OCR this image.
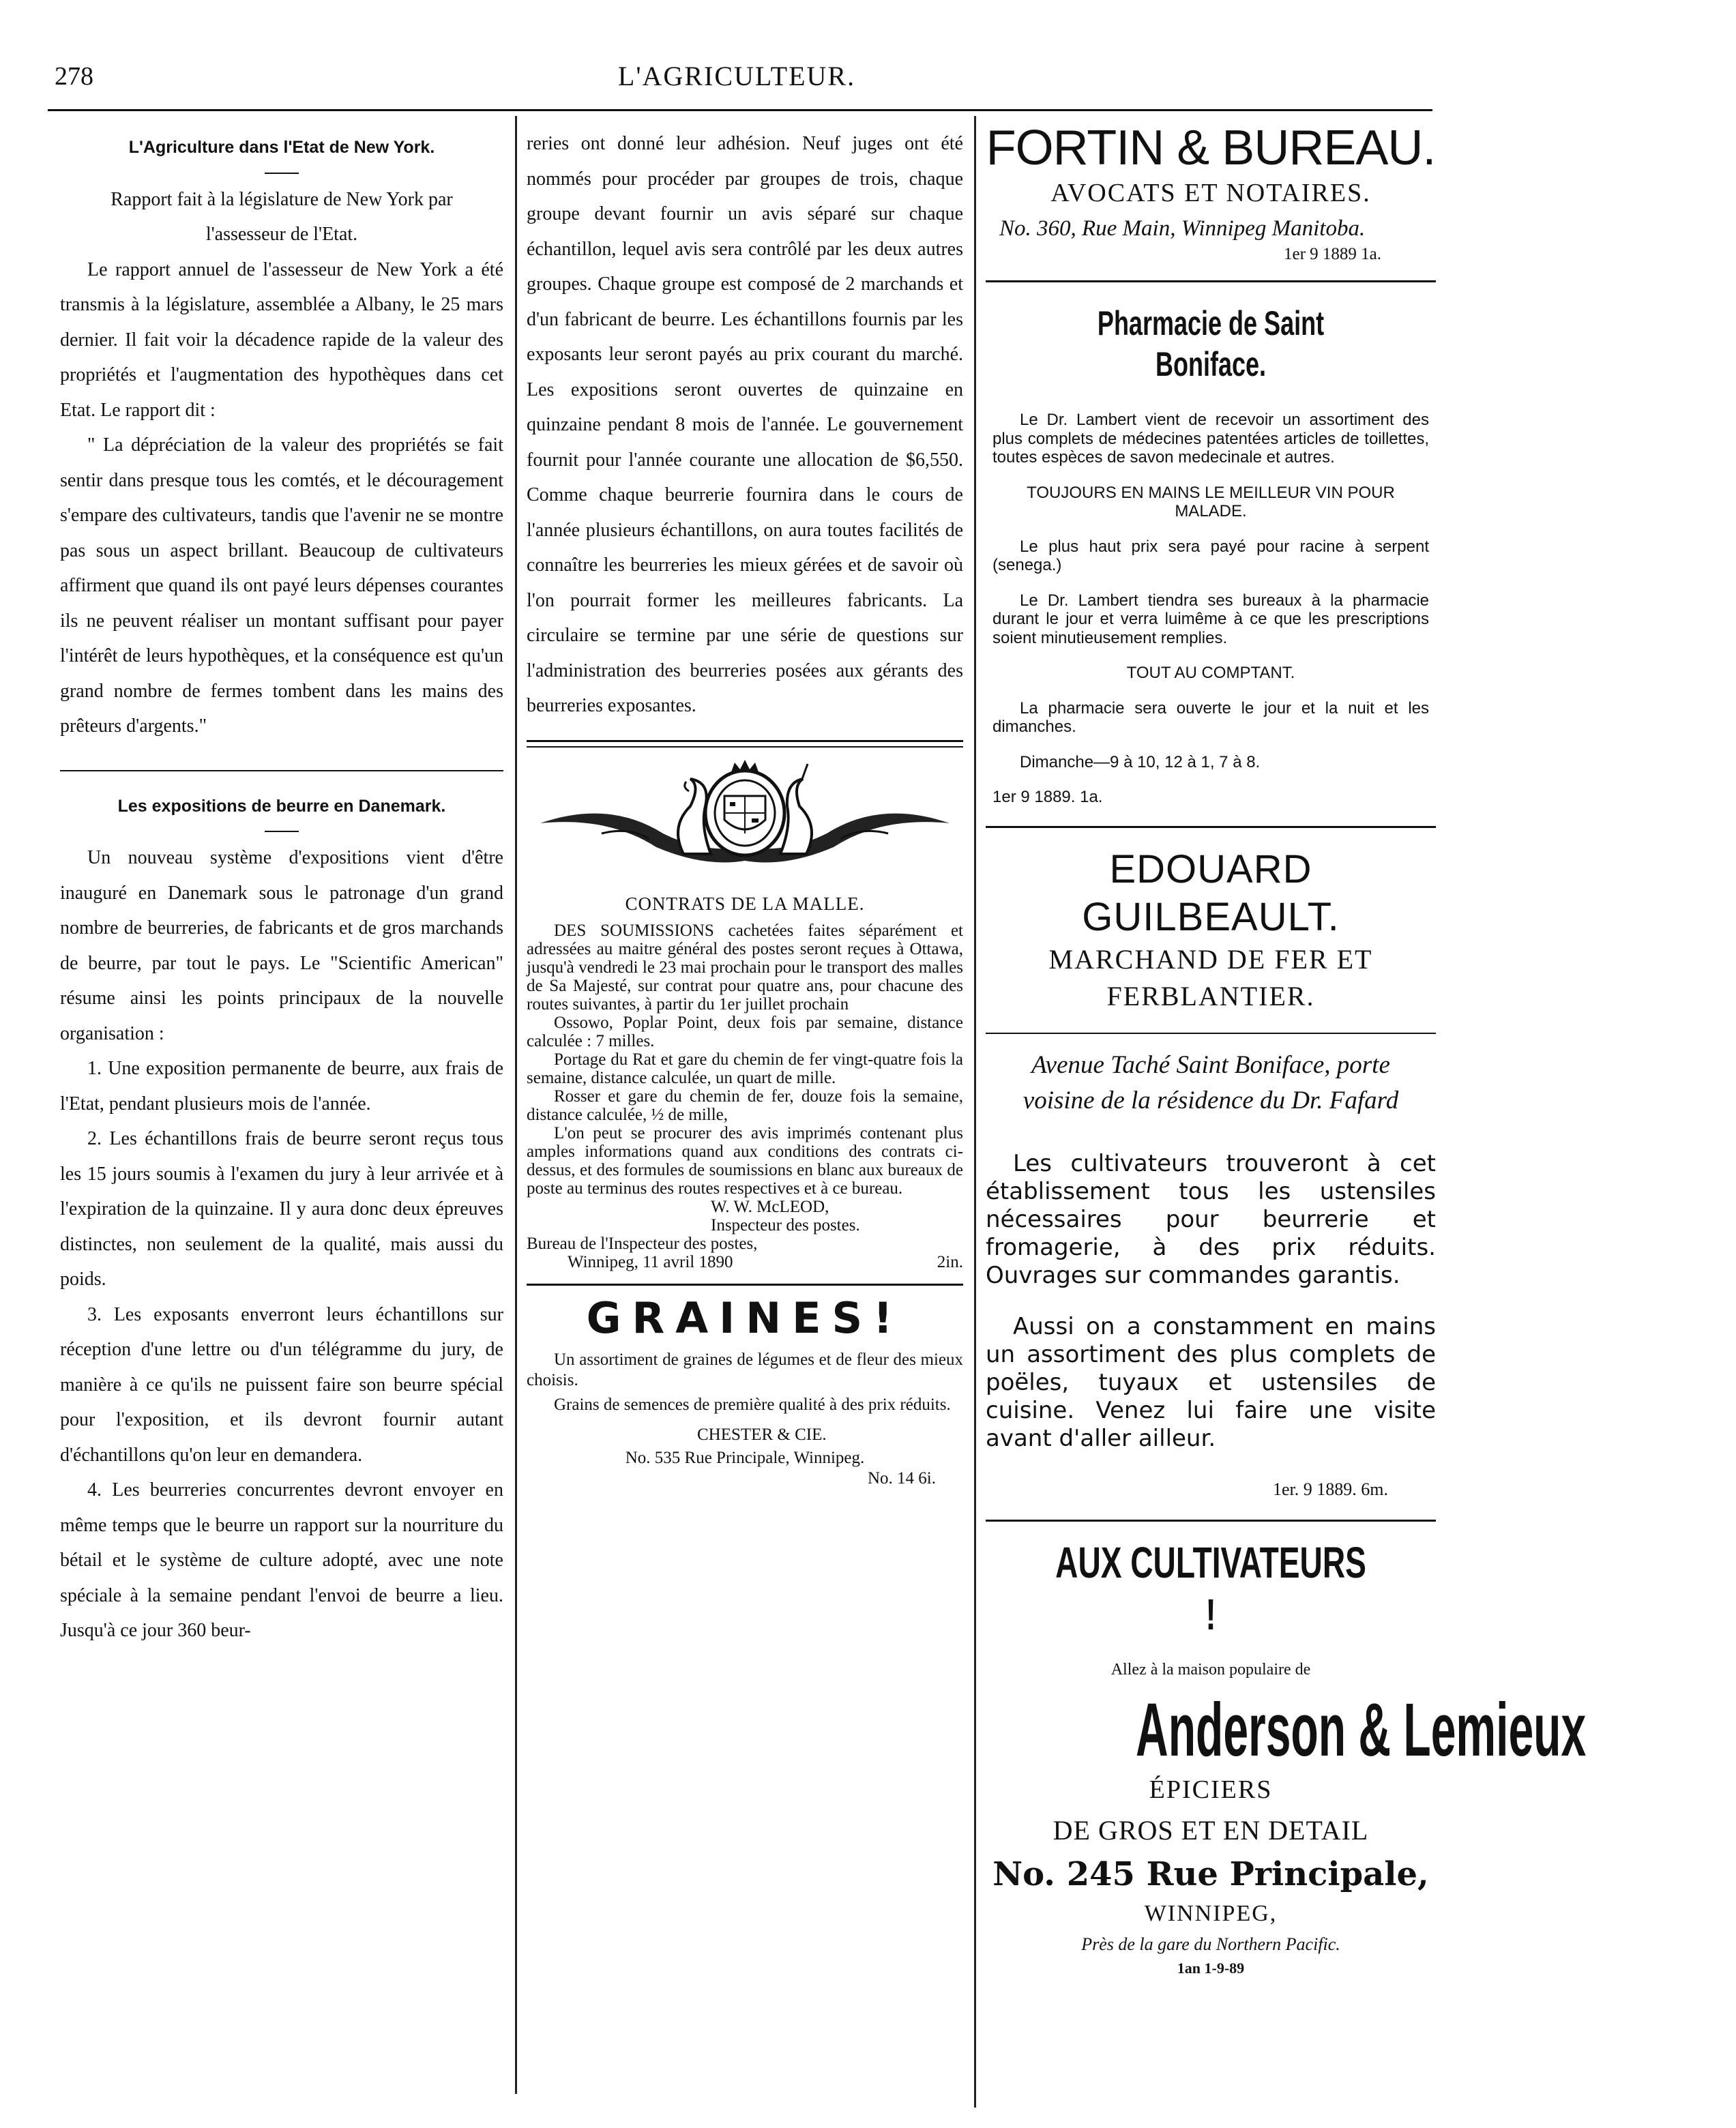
278	L'AGRICULTEUR.

L'Agriculture dans l'Etat de New York.

Rapport fait à la législature de New York par l'assesseur de l'Etat.

Le rapport annuel de l'assesseur de New York a été transmis à la législature, assemblée a Albany, le 25 mars dernier. Il fait voir la décadence rapide de la valeur des propriétés et l'augmentation des hypothèques dans cet Etat. Le rapport dit :

" La dépréciation de la valeur des propriétés se fait sentir dans presque tous les comtés, et le découragement s'empare des cultivateurs, tandis que l'avenir ne se montre pas sous un aspect brillant. Beaucoup de cultivateurs affirment que quand ils ont payé leurs dépenses courantes ils ne peuvent réaliser un montant suffisant pour payer l'intérêt de leurs hypothèques, et la conséquence est qu'un grand nombre de fermes tombent dans les mains des prêteurs d'argents."

Les expositions de beurre en Danemark.

Un nouveau système d'expositions vient d'être inauguré en Danemark sous le patronage d'un grand nombre de beurreries, de fabricants et de gros marchands de beurre, par tout le pays. Le "Scientific American" résume ainsi les points principaux de la nouvelle organisation :

1. Une exposition permanente de beurre, aux frais de l'Etat, pendant plusieurs mois de l'année.

2. Les échantillons frais de beurre seront reçus tous les 15 jours soumis à l'examen du jury à leur arrivée et à l'expiration de la quinzaine. Il y aura donc deux épreuves distinctes, non seulement de la qualité, mais aussi du poids.

3. Les exposants enverront leurs échantillons sur réception d'une lettre ou d'un télégramme du jury, de manière à ce qu'ils ne puissent faire son beurre spécial pour l'exposition, et ils devront fournir autant d'échantillons qu'on leur en demandera.

4. Les beurreries concurrentes devront envoyer en même temps que le beurre un rapport sur la nourriture du bétail et le système de culture adopté, avec une note spéciale à la semaine pendant l'envoi de beurre a lieu. Jusqu'à ce jour 360 beur-

reries ont donné leur adhésion. Neuf juges ont été nommés pour procéder par groupes de trois, chaque groupe devant fournir un avis séparé sur chaque échantillon, lequel avis sera contrôlé par les deux autres groupes. Chaque groupe est composé de 2 marchands et d'un fabricant de beurre. Les échantillons fournis par les exposants leur seront payés au prix courant du marché. Les expositions seront ouvertes de quinzaine en quinzaine pendant 8 mois de l'année. Le gouvernement fournit pour l'année courante une allocation de $6,550. Comme chaque beurrerie fournira dans le cours de l'année plusieurs échantillons, on aura toutes facilités de connaître les beurreries les mieux gérées et de savoir où l'on pourrait former les meilleures fabricants. La circulaire se termine par une série de questions sur l'administration des beurreries posées aux gérants des beurreries exposantes.

CONTRATS DE LA MALLE.

DES SOUMISSIONS cachetées faites séparément et adressées au maitre général des postes seront reçues à Ottawa, jusqu'à vendredi le 23 mai prochain pour le transport des malles de Sa Majesté, sur contrat pour quatre ans, pour chacune des routes suivantes, à partir du 1er juillet prochain

Ossowo, Poplar Point, deux fois par semaine, distance calculée : 7 milles.

Portage du Rat et gare du chemin de fer vingt-quatre fois la semaine, distance calculée, un quart de mille.

Rosser et gare du chemin de fer, douze fois la semaine, distance calculée, ½ de mille,

L'on peut se procurer des avis imprimés contenant plus amples informations quand aux conditions des contrats ci-dessus, et des formules de soumissions en blanc aux bureaux de poste au terminus des routes respectives et à ce bureau.

W. W. McLEOD,

Inspecteur des postes.

Bureau de l'Inspecteur des postes,

Winnipeg, 11 avril 1890	2in.

GRAINES!

Un assortiment de graines de légumes et de fleur des mieux choisis.

Grains de semences de première qualité à des prix réduits.

CHESTER & CIE.

No. 535 Rue Principale, Winnipeg.

No. 14 6i.

FORTIN & BUREAU.
AVOCATS ET NOTAIRES.
No. 360, Rue Main, Winnipeg Manitoba.
1er 9 1889 1a.
Pharmacie de Saint Boniface.

Le Dr. Lambert vient de recevoir un assortiment des plus complets de médecines patentées articles de toillettes, toutes espèces de savon medecinale et autres.

TOUJOURS EN MAINS LE MEILLEUR VIN POUR MALADE.

Le plus haut prix sera payé pour racine à serpent (senega.)

Le Dr. Lambert tiendra ses bureaux à la pharmacie durant le jour et verra luimême à ce que les prescriptions soient minutieusement remplies.

TOUT AU COMPTANT.

La pharmacie sera ouverte le jour et la nuit et les dimanches.

Dimanche—9 à 10, 12 à 1, 7 à 8.

1er 9 1889. 1a.

EDOUARD GUILBEAULT.
MARCHAND DE FER ET FERBLANTIER.
Avenue Taché Saint Boniface, porte voisine de la résidence du Dr. Fafard

Les cultivateurs trouveront à cet établissement tous les ustensiles nécessaires pour beurrerie et fromagerie, à des prix réduits. Ouvrages sur commandes garantis.

Aussi on a constamment en mains un assortiment des plus complets de poëles, tuyaux et ustensiles de cuisine. Venez lui faire une visite avant d'aller ailleur.

1er. 9 1889. 6m.
AUX CULTIVATEURS !
Allez à la maison populaire de
Anderson & Lemieux
ÉPICIERS
DE GROS ET EN DETAIL
No. 245 Rue Principale,
WINNIPEG,
Près de la gare du Northern Pacific.
1an 1-9-89
